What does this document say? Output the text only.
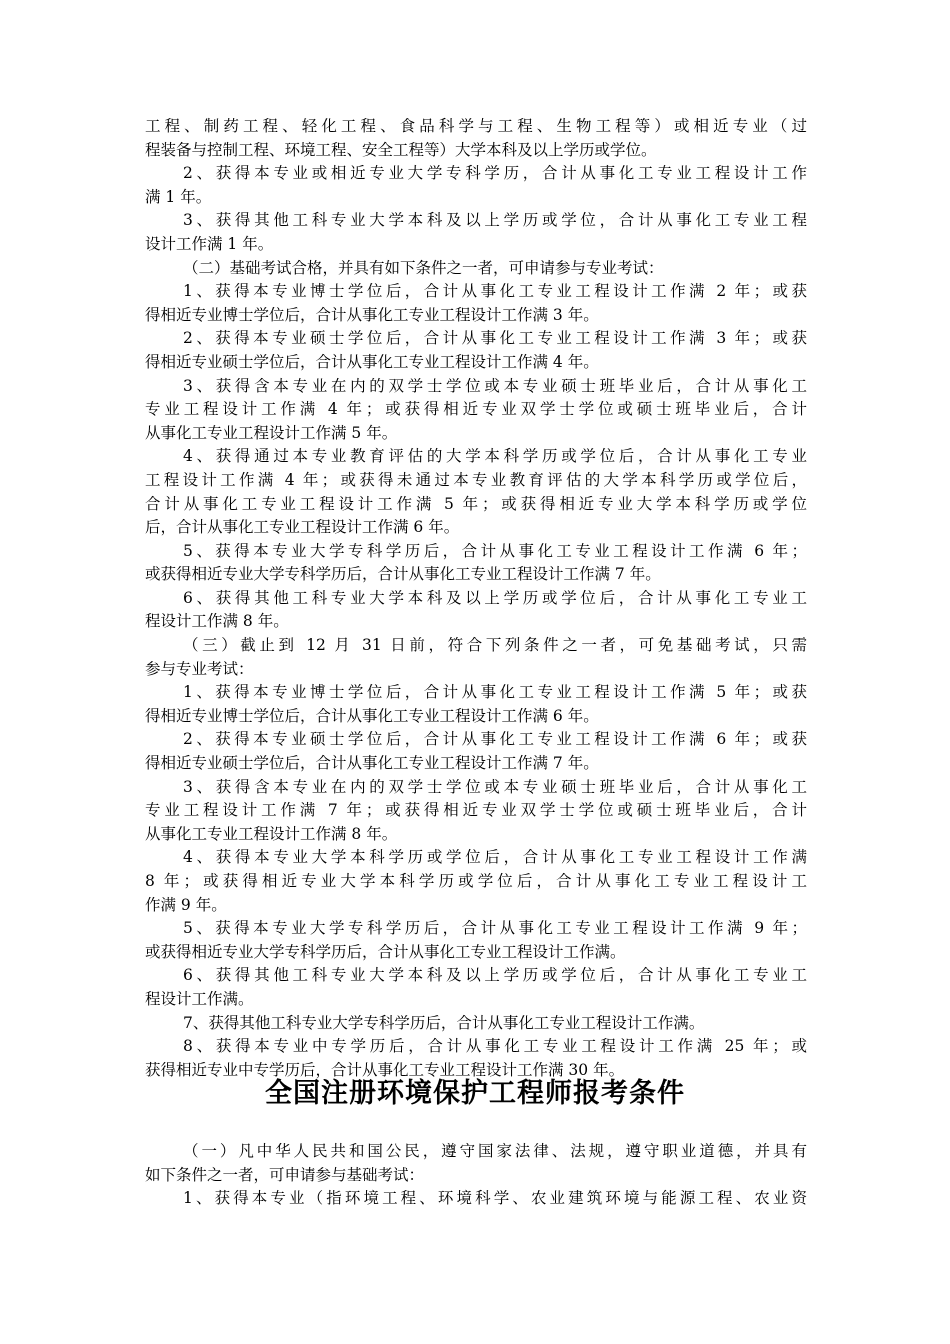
工程、制药工程、轻化工程、食品科学与工程、生物工程等）或相近专业（过
程装备与控制工程、环境工程、安全工程等）大学本科及以上学历或学位。
2、获得本专业或相近专业大学专科学历，合计从事化工专业工程设计工作
满 1 年。
3、获得其他工科专业大学本科及以上学历或学位，合计从事化工专业工程
设计工作满 1 年。
（二）基础考试合格，并具有如下条件之一者，可申请参与专业考试：
1、获得本专业博士学位后，合计从事化工专业工程设计工作满 2 年；或获
得相近专业博士学位后，合计从事化工专业工程设计工作满 3 年。
2、获得本专业硕士学位后，合计从事化工专业工程设计工作满 3 年；或获
得相近专业硕士学位后，合计从事化工专业工程设计工作满 4 年。
3、获得含本专业在内的双学士学位或本专业硕士班毕业后，合计从事化工
专业工程设计工作满 4 年；或获得相近专业双学士学位或硕士班毕业后，合计
从事化工专业工程设计工作满 5 年。
4、获得通过本专业教育评估的大学本科学历或学位后，合计从事化工专业
工程设计工作满 4 年；或获得未通过本专业教育评估的大学本科学历或学位后，
合计从事化工专业工程设计工作满 5 年；或获得相近专业大学本科学历或学位
后，合计从事化工专业工程设计工作满 6 年。
5、获得本专业大学专科学历后，合计从事化工专业工程设计工作满 6 年；
或获得相近专业大学专科学历后，合计从事化工专业工程设计工作满 7 年。
6、获得其他工科专业大学本科及以上学历或学位后，合计从事化工专业工
程设计工作满 8 年。
（三）截止到 12 月 31 日前，符合下列条件之一者，可免基础考试，只需
参与专业考试：
1、获得本专业博士学位后，合计从事化工专业工程设计工作满 5 年；或获
得相近专业博士学位后，合计从事化工专业工程设计工作满 6 年。
2、获得本专业硕士学位后，合计从事化工专业工程设计工作满 6 年；或获
得相近专业硕士学位后，合计从事化工专业工程设计工作满 7 年。
3、获得含本专业在内的双学士学位或本专业硕士班毕业后，合计从事化工
专业工程设计工作满 7 年；或获得相近专业双学士学位或硕士班毕业后，合计
从事化工专业工程设计工作满 8 年。
4、获得本专业大学本科学历或学位后，合计从事化工专业工程设计工作满
8 年；或获得相近专业大学本科学历或学位后，合计从事化工专业工程设计工
作满 9 年。
5、获得本专业大学专科学历后，合计从事化工专业工程设计工作满 9 年；
或获得相近专业大学专科学历后，合计从事化工专业工程设计工作满。
6、获得其他工科专业大学本科及以上学历或学位后，合计从事化工专业工
程设计工作满。
7、获得其他工科专业大学专科学历后，合计从事化工专业工程设计工作满。
8、获得本专业中专学历后，合计从事化工专业工程设计工作满 25 年；或
获得相近专业中专学历后，合计从事化工专业工程设计工作满 30 年。
全国注册环境保护工程师报考条件
（一）凡中华人民共和国公民，遵守国家法律、法规，遵守职业道德，并具有
如下条件之一者，可申请参与基础考试：
1、获得本专业（指环境工程、环境科学、农业建筑环境与能源工程、农业资
